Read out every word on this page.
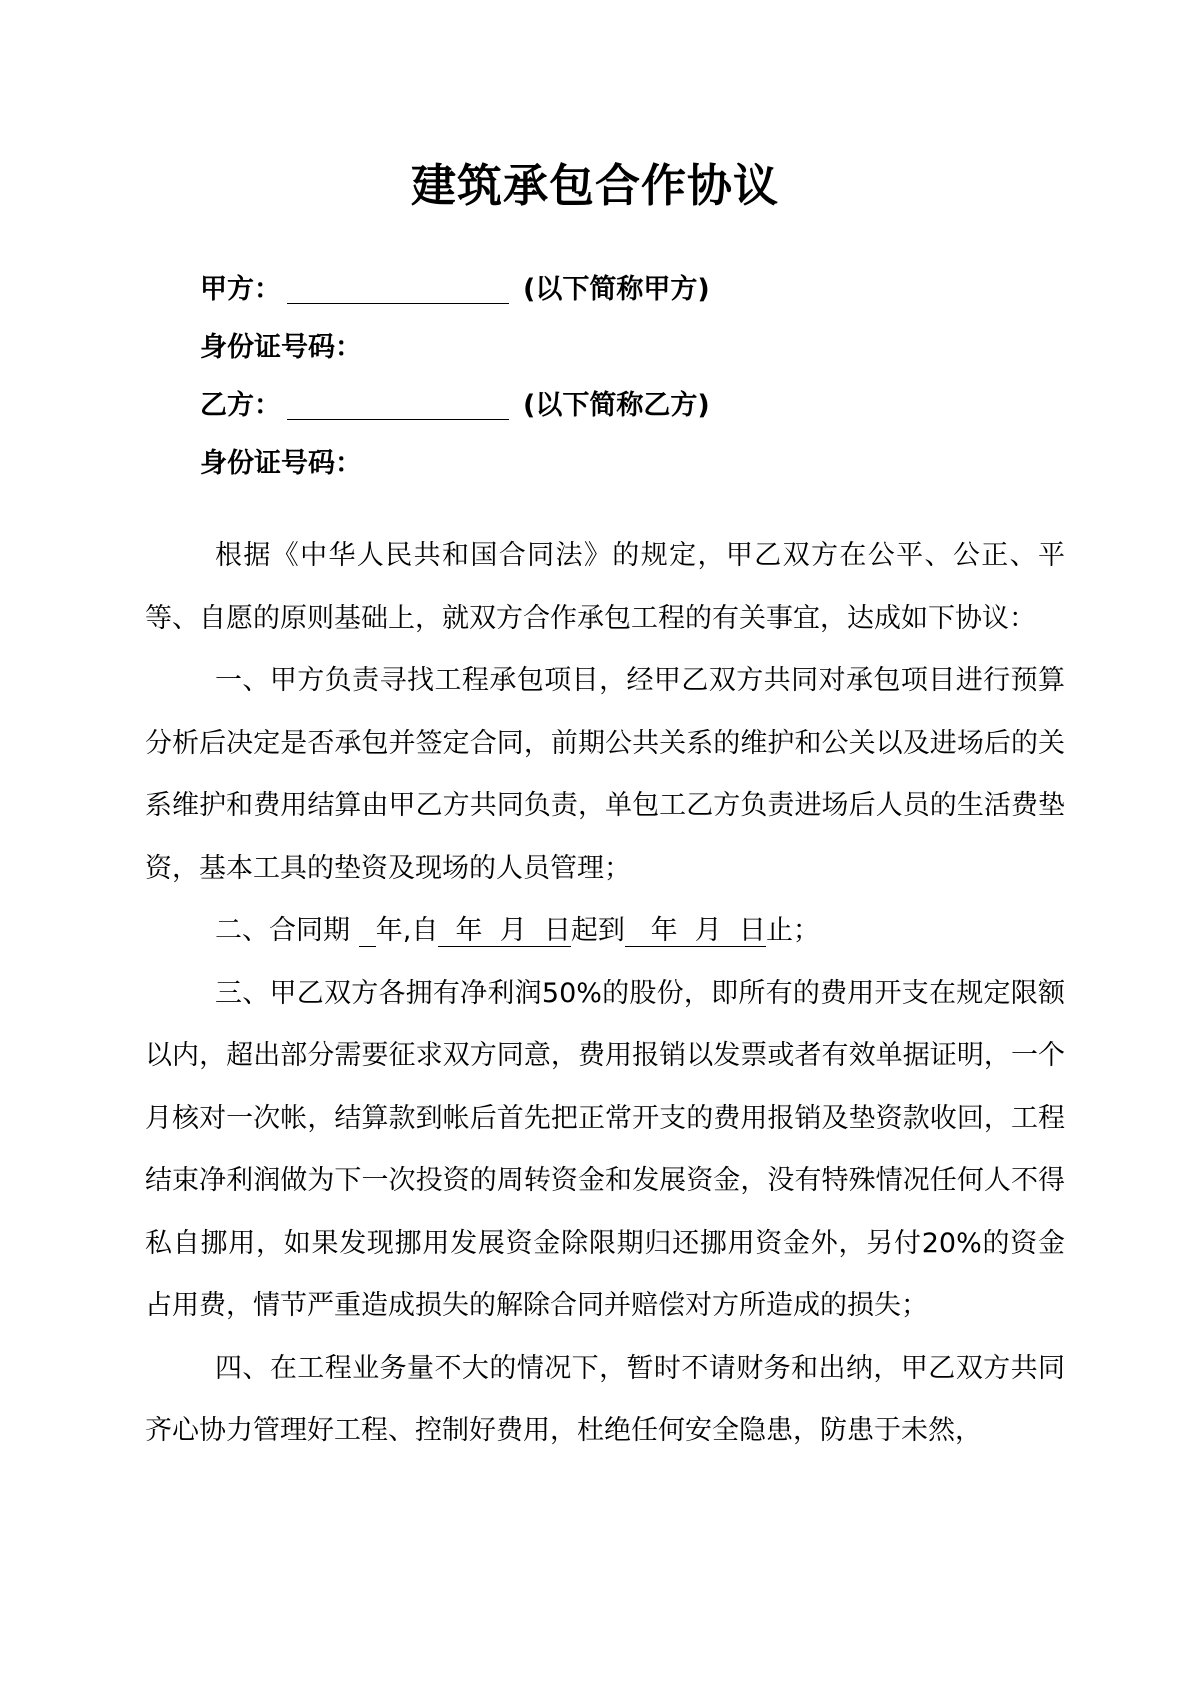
建筑承包合作协议
甲方：	(以下简称甲方)
身份证号码：
乙方：	(以下简称乙方)
身份证号码：

根据《中华人民共和国合同法》的规定，甲乙双方在公平、公正、平等、自愿的原则基础上，就双方合作承包工程的有关事宜，达成如下协议：

一、甲方负责寻找工程承包项目，经甲乙双方共同对承包项目进行预算分析后决定是否承包并签定合同，前期公共关系的维护和公关以及进场后的关系维护和费用结算由甲乙方共同负责，单包工乙方负责进场后人员的生活费垫资，基本工具的垫资及现场的人员管理；

二、合同期 年,自  年  月  日起到   年  月  日止；

三、甲乙双方各拥有净利润50%的股份，即所有的费用开支在规定限额以内，超出部分需要征求双方同意，费用报销以发票或者有效单据证明，一个月核对一次帐，结算款到帐后首先把正常开支的费用报销及垫资款收回，工程结束净利润做为下一次投资的周转资金和发展资金，没有特殊情况任何人不得私自挪用，如果发现挪用发展资金除限期归还挪用资金外，另付20%的资金占用费，情节严重造成损失的解除合同并赔偿对方所造成的损失；

四、在工程业务量不大的情况下，暂时不请财务和出纳，甲乙双方共同齐心协力管理好工程、控制好费用，杜绝任何安全隐患，防患于未然，
